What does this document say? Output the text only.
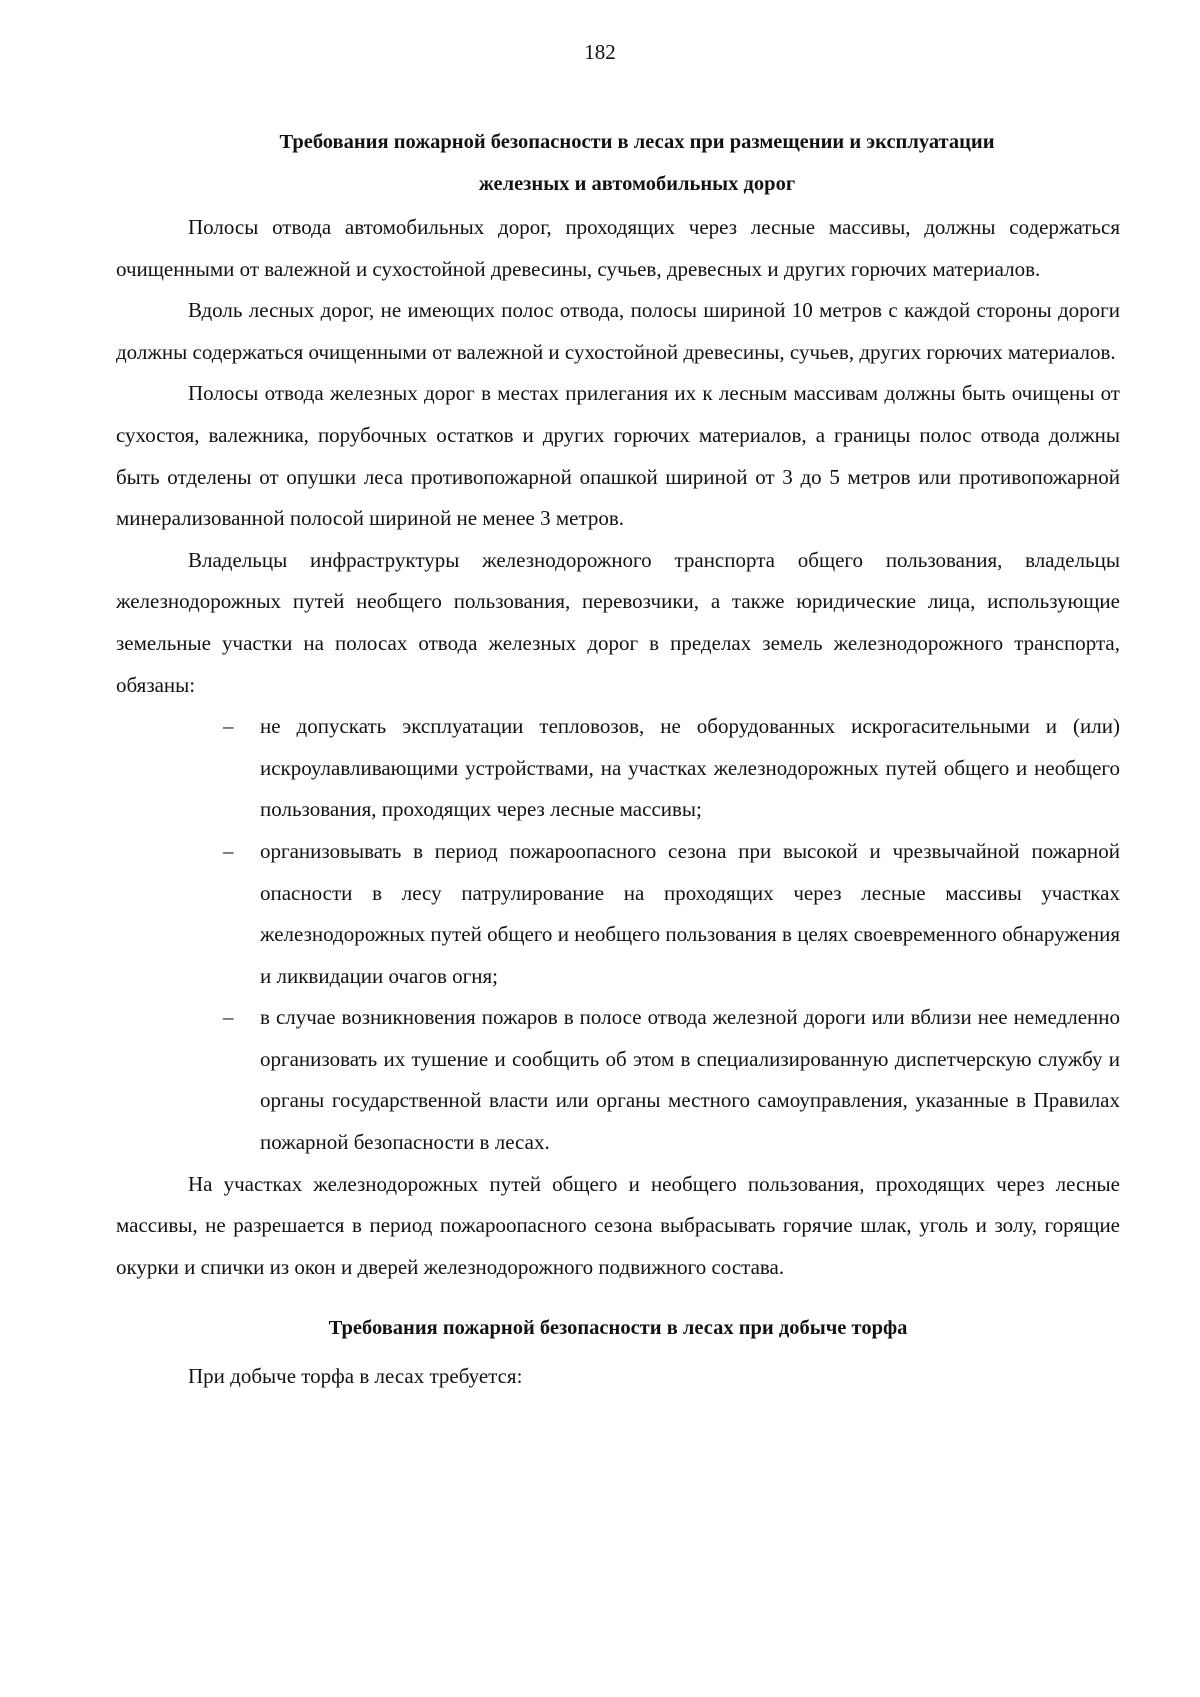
182
Требования пожарной безопасности в лесах при размещении и эксплуатации
железных и автомобильных дорог

Полосы отвода автомобильных дорог, проходящих через лесные массивы, должны содержаться очищенными от валежной и сухостойной древесины, сучьев, древесных и других горючих материалов.

Вдоль лесных дорог, не имеющих полос отвода, полосы шириной 10 метров с каждой стороны дороги должны содержаться очищенными от валежной и сухостойной древесины, сучьев, других горючих материалов.

Полосы отвода железных дорог в местах прилегания их к лесным массивам должны быть очищены от сухостоя, валежника, порубочных остатков и других горючих материалов, а границы полос отвода должны быть отделены от опушки леса противопожарной опашкой шириной от 3 до 5 метров или противопожарной минерализованной полосой шириной не менее 3 метров.

Владельцы инфраструктуры железнодорожного транспорта общего пользования, владельцы железнодорожных путей необщего пользования, перевозчики, а также юридические лица, использующие земельные участки на полосах отвода железных дорог в пределах земель железнодорожного транспорта, обязаны:

– не допускать эксплуатации тепловозов, не оборудованных искрогасительными и (или) искроулавливающими устройствами, на участках железнодорожных путей общего и необщего пользования, проходящих через лесные массивы;
– организовывать в период пожароопасного сезона при высокой и чрезвычайной пожарной опасности в лесу патрулирование на проходящих через лесные массивы участках железнодорожных путей общего и необщего пользования в целях своевременного обнаружения и ликвидации очагов огня;
– в случае возникновения пожаров в полосе отвода железной дороги или вблизи нее немедленно организовать их тушение и сообщить об этом в специализированную диспетчерскую службу и органы государственной власти или органы местного самоуправления, указанные в Правилах пожарной безопасности в лесах.

На участках железнодорожных путей общего и необщего пользования, проходящих через лесные массивы, не разрешается в период пожароопасного сезона выбрасывать горячие шлак, уголь и золу, горящие окурки и спички из окон и дверей железнодорожного подвижного состава.

Требования пожарной безопасности в лесах при добыче торфа

При добыче торфа в лесах требуется:
